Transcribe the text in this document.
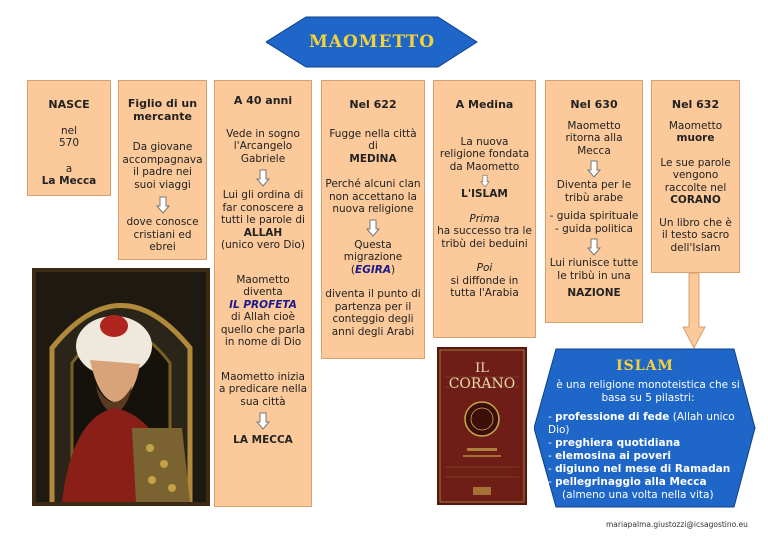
MAOMETTO

NASCE

nel

570

a

La Mecca

Figlio di un mercante

Da giovane accompagnava il padre nei suoi viaggi

dove conosce cristiani ed ebrei

A 40 anni

Vede in sogno l'Arcangelo Gabriele

Lui gli ordina di far conoscere a tutti le parole di

ALLAH

(unico vero Dio)

Maometto diventa

IL PROFETA

di Allah cioè quello che parla in nome di Dio

Maometto inizia a predicare nella sua città

LA MECCA

Nel 622

Fugge nella città di

MEDINA

Perché alcuni clan non accettano la nuova religione

Questa migrazione

(EGIRA)

diventa il punto di partenza per il conteggio degli anni degli Arabi

A Medina

La nuova religione fondata da Maometto

L'ISLAM

Prima

ha successo tra le tribù dei beduini

Poi

si diffonde in tutta l'Arabia

Nel 630

Maometto ritorna alla Mecca

Diventa per le tribù arabe

- guida spirituale

- guida politica

Lui riunisce tutte le tribù in una

NAZIONE

Nel 632

Maometto

muore

Le sue parole vengono raccolte nel

CORANO

Un libro che è il testo sacro dell'Islam

IL
CORANO
ISLAM

è una religione monoteistica che si basa su 5 pilastri:

- professione di fede (Allah unico Dio)
- preghiera quotidiana
- elemosina ai poveri
- digiuno nel mese di Ramadan
- pellegrinaggio alla Mecca
(almeno una volta nella vita)
mariapalma.giustozzi@icsagostino.eu
